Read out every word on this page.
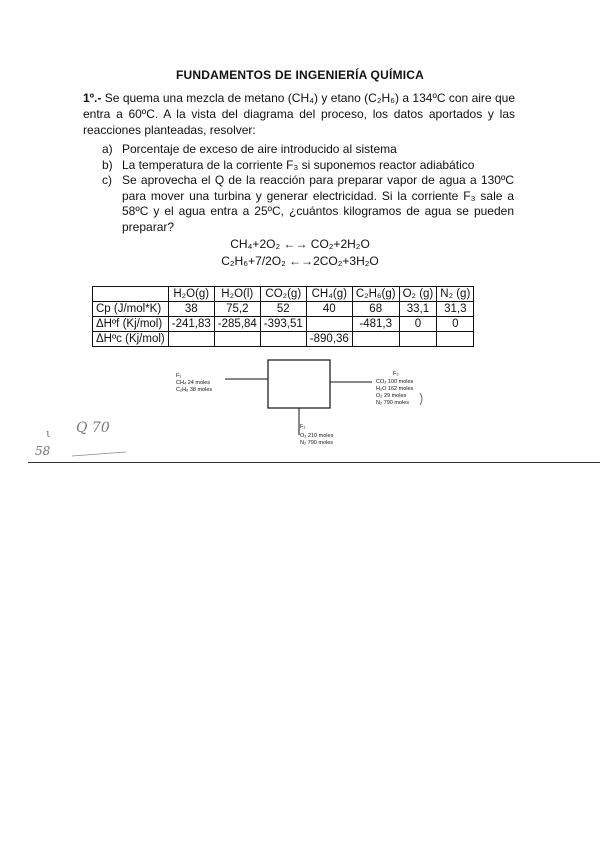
FUNDAMENTOS DE INGENIERÍA QUÍMICA
1º.- Se quema una mezcla de metano (CH₄) y etano (C₂H₆) a 134ºC con aire que entra a 60ºC. A la vista del diagrama del proceso, los datos aportados y las reacciones planteadas, resolver:
a) Porcentaje de exceso de aire introducido al sistema
b) La temperatura de la corriente F₃ si suponemos reactor adiabático
c) Se aprovecha el Q de la reacción para preparar vapor de agua a 130ºC para mover una turbina y generar electricidad. Si la corriente F₃ sale a 58ºC y el agua entra a 25ºC, ¿cuántos kilogramos de agua se pueden preparar?
CH₄+2O₂ ←→ CO₂+2H₂O
C₂H₆+7/2O₂ ←→2CO₂+3H₂O
	H₂O(g)	H₂O(l)	CO₂(g)	CH₄(g)	C₂H₆(g)	O₂ (g)	N₂ (g)
Cp (J/mol*K)	38	75,2	52	40	68	33,1	31,3
ΔHºf (Kj/mol)	-241,83	-285,84	-393,51		-481,3	0	0
ΔHºc (Kj/mol)				-890,36			
F₁
CH₄ 24 moles
C₂H₆ 38 moles
F₃
CO₂ 100 moles
H₂O 162 moles
O₂ 29 moles
N₂ 790 moles
F₂
O₂ 210 moles
N₂ 790 moles
ι Q 70
58
